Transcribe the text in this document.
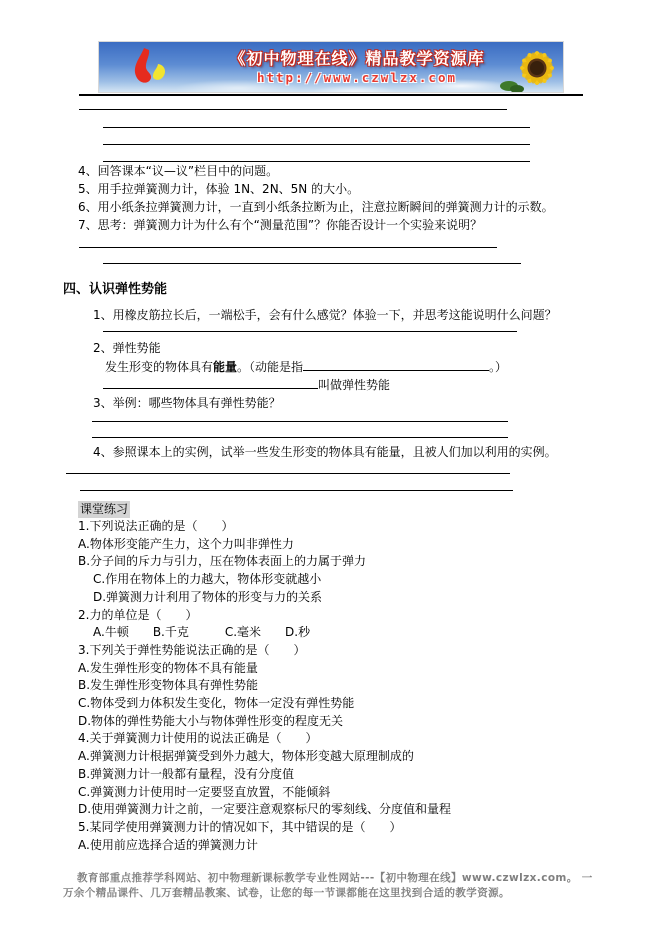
《初中物理在线》精品教学资源库
http://www.czwlzx.com
4、回答课本“议—议”栏目中的问题。
5、用手拉弹簧测力计，体验 1N、2N、5N 的大小。
6、用小纸条拉弹簧测力计，一直到小纸条拉断为止，注意拉断瞬间的弹簧测力计的示数。
7、思考：弹簧测力计为什么有个“测量范围”？你能否设计一个实验来说明？
四、认识弹性势能
1、用橡皮筋拉长后，一端松手，会有什么感觉？体验一下，并思考这能说明什么问题？
2、弹性势能
发生形变的物体具有能量。（动能是指	。）
叫做弹性势能
3、举例：哪些物体具有弹性势能？
4、参照课本上的实例，试举一些发生形变的物体具有能量，且被人们加以利用的实例。
课堂练习
1.下列说法正确的是（　　）
A.物体形变能产生力，这个力叫非弹性力
B.分子间的斥力与引力，压在物体表面上的力属于弹力
C.作用在物体上的力越大，物体形变就越小
D.弹簧测力计利用了物体的形变与力的关系
2.力的单位是（　　）
A.牛顿　　B.千克　　　C.毫米　　D.秒
3.下列关于弹性势能说法正确的是（　　）
A.发生弹性形变的物体不具有能量
B.发生弹性形变物体具有弹性势能
C.物体受到力体积发生变化，物体一定没有弹性势能
D.物体的弹性势能大小与物体弹性形变的程度无关
4.关于弹簧测力计使用的说法正确是（　　）
A.弹簧测力计根据弹簧受到外力越大，物体形变越大原理制成的
B.弹簧测力计一般都有量程，没有分度值
C.弹簧测力计使用时一定要竖直放置，不能倾斜
D.使用弹簧测力计之前，一定要注意观察标尺的零刻线、分度值和量程
5.某同学使用弹簧测力计的情况如下，其中错误的是（　　）
A.使用前应选择合适的弹簧测力计
教育部重点推荐学科网站、初中物理新课标教学专业性网站---【初中物理在线】www.czwlzx.com。 一万余个精品课件、几万套精品教案、试卷，让您的每一节课都能在这里找到合适的教学资源。
